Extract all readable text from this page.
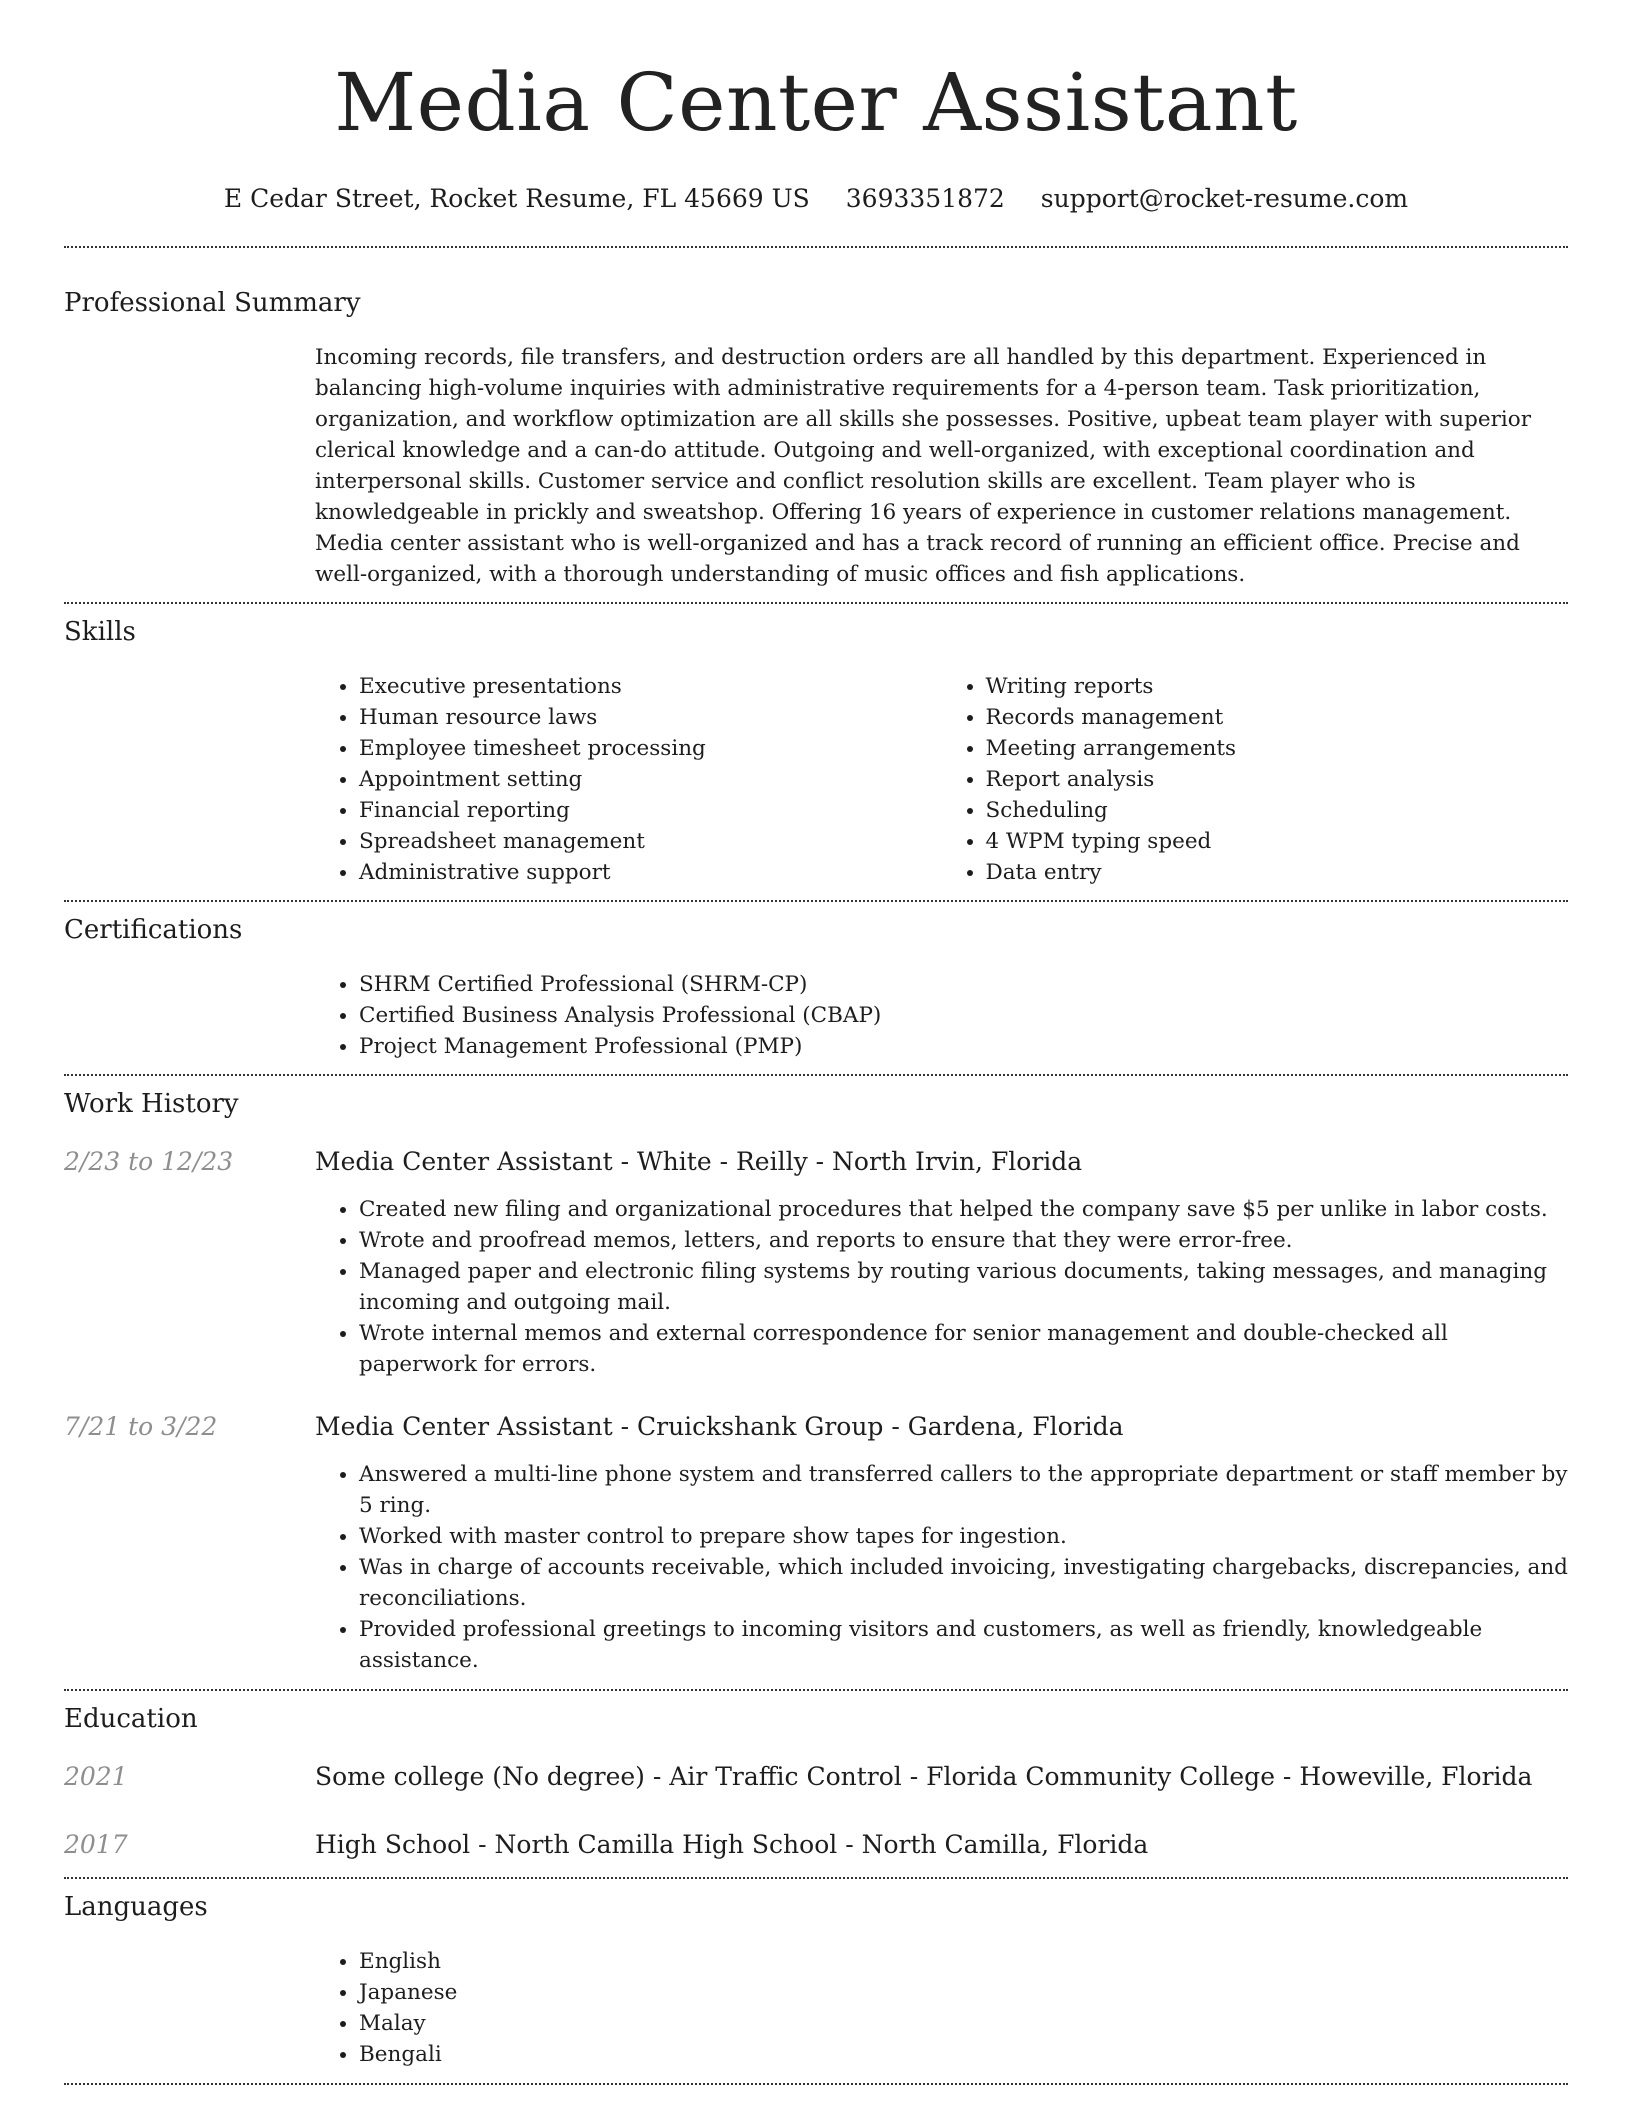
Media Center Assistant
E Cedar Street, Rocket Resume, FL 45669 US 3693351872 support@rocket-resume.com
Professional Summary

Incoming records, file transfers, and destruction orders are all handled by this department. Experienced in balancing high-volume inquiries with administrative requirements for a 4-person team. Task prioritization, organization, and workflow optimization are all skills she possesses. Positive, upbeat team player with superior clerical knowledge and a can-do attitude. Outgoing and well-organized, with exceptional coordination and interpersonal skills. Customer service and conflict resolution skills are excellent. Team player who is knowledgeable in prickly and sweatshop. Offering 16 years of experience in customer relations management. Media center assistant who is well-organized and has a track record of running an efficient office. Precise and well-organized, with a thorough understanding of music offices and fish applications.

Skills
• Executive presentations
• Human resource laws
• Employee timesheet processing
• Appointment setting
• Financial reporting
• Spreadsheet management
• Administrative support
• Writing reports
• Records management
• Meeting arrangements
• Report analysis
• Scheduling
• 4 WPM typing speed
• Data entry
Certifications
• SHRM Certified Professional (SHRM-CP)
• Certified Business Analysis Professional (CBAP)
• Project Management Professional (PMP)
Work History
2/23 to 12/23	Media Center Assistant - White - Reilly - North Irvin, Florida
• Created new filing and organizational procedures that helped the company save $5 per unlike in labor costs.
• Wrote and proofread memos, letters, and reports to ensure that they were error-free.
• Managed paper and electronic filing systems by routing various documents, taking messages, and managing incoming and outgoing mail.
• Wrote internal memos and external correspondence for senior management and double-checked all paperwork for errors.
7/21 to 3/22	Media Center Assistant - Cruickshank Group - Gardena, Florida
• Answered a multi-line phone system and transferred callers to the appropriate department or staff member by 5 ring.
• Worked with master control to prepare show tapes for ingestion.
• Was in charge of accounts receivable, which included invoicing, investigating chargebacks, discrepancies, and reconciliations.
• Provided professional greetings to incoming visitors and customers, as well as friendly, knowledgeable assistance.
Education
2021	Some college (No degree) - Air Traffic Control - Florida Community College - Howeville, Florida
2017	High School - North Camilla High School - North Camilla, Florida
Languages
• English
• Japanese
• Malay
• Bengali
